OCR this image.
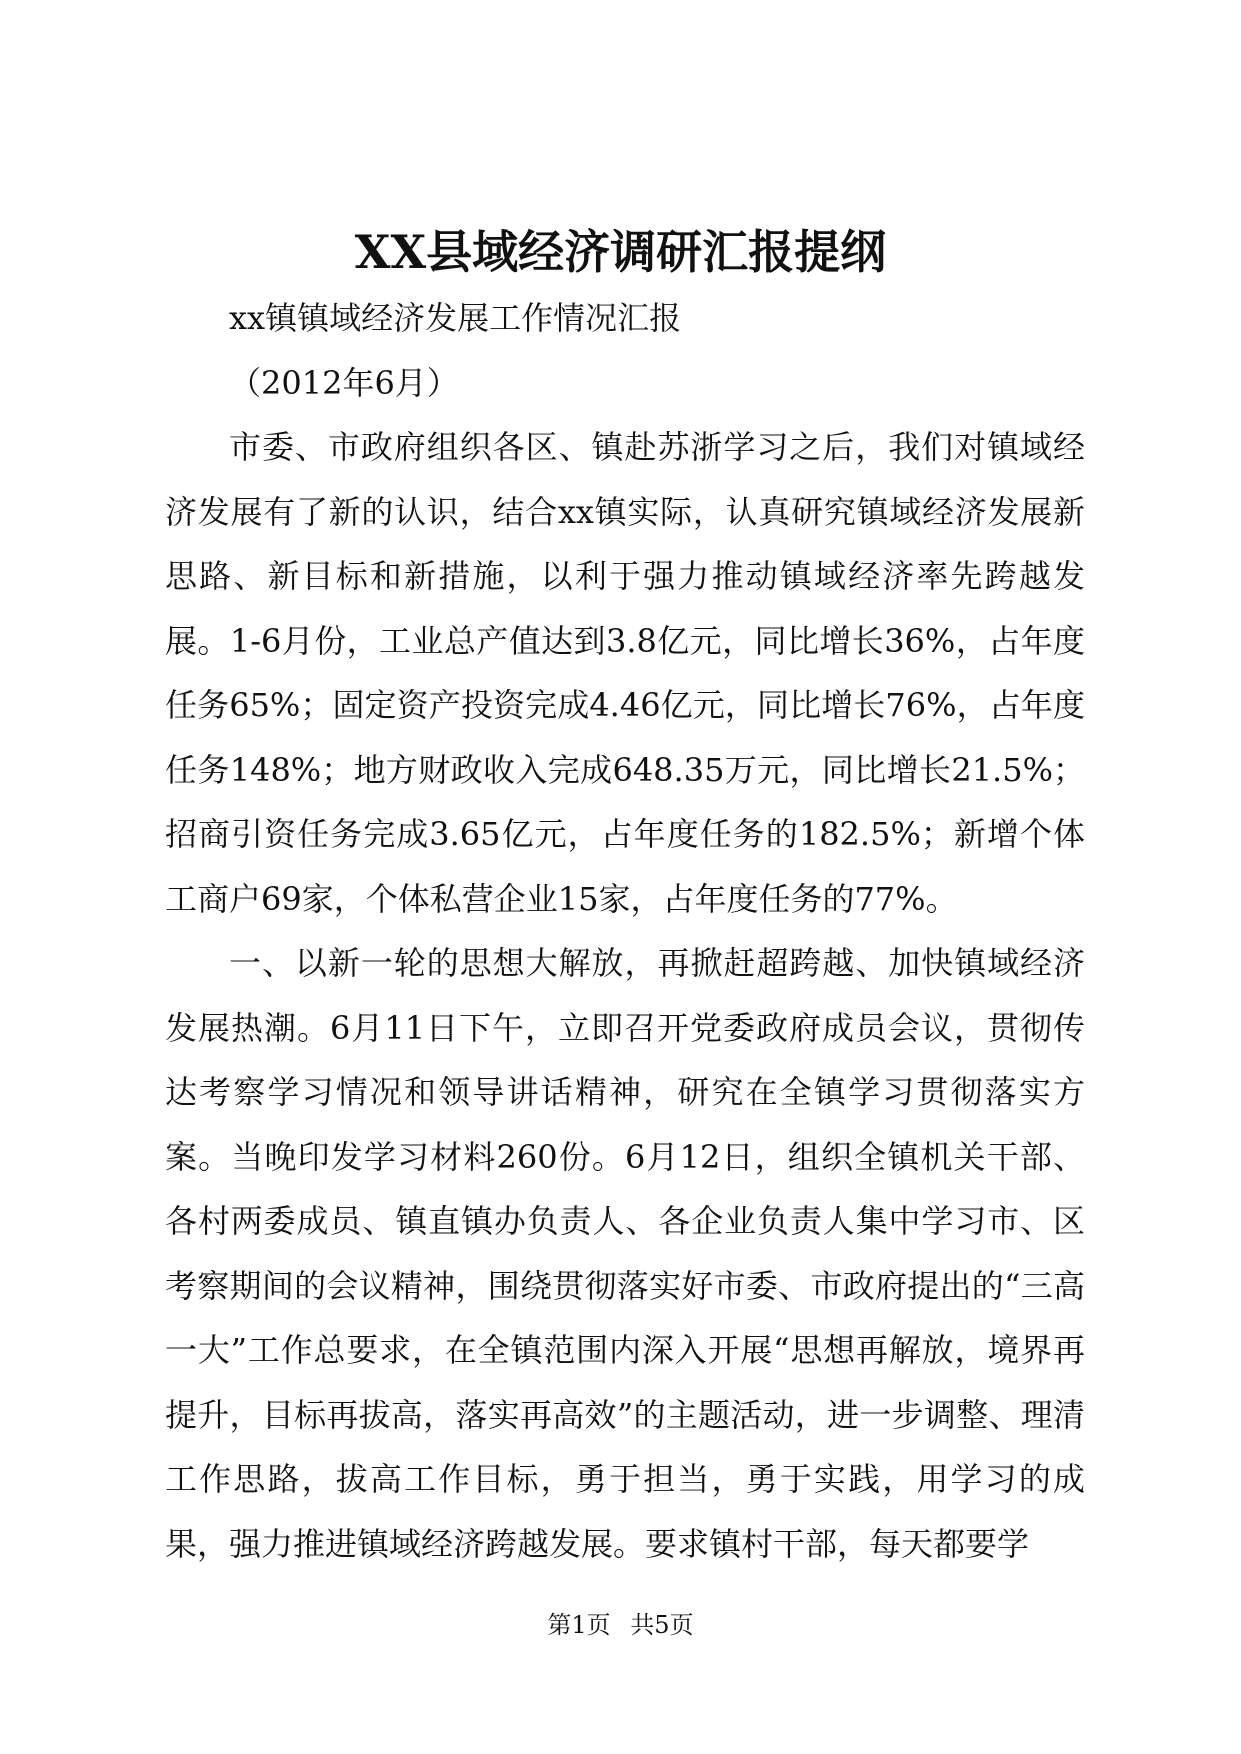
XX县域经济调研汇报提纲

xx镇镇域经济发展工作情况汇报

（2012年6月）

市委、市政府组织各区、镇赴苏浙学习之后，我们对镇域经济发展有了新的认识，结合xx镇实际，认真研究镇域经济发展新思路、新目标和新措施，以利于强力推动镇域经济率先跨越发展。1-6月份，工业总产值达到3.8亿元，同比增长36%，占年度任务65%；固定资产投资完成4.46亿元，同比增长76%，占年度任务148%；地方财政收入完成648.35万元，同比增长21.5%；招商引资任务完成3.65亿元，占年度任务的182.5%；新增个体工商户69家，个体私营企业15家，占年度任务的77%。

一、以新一轮的思想大解放，再掀赶超跨越、加快镇域经济发展热潮。6月11日下午，立即召开党委政府成员会议，贯彻传达考察学习情况和领导讲话精神，研究在全镇学习贯彻落实方案。当晚印发学习材料260份。6月12日，组织全镇机关干部、各村两委成员、镇直镇办负责人、各企业负责人集中学习市、区考察期间的会议精神，围绕贯彻落实好市委、市政府提出的“三高一大”工作总要求，在全镇范围内深入开展“思想再解放，境界再提升，目标再拔高，落实再高效”的主题活动，进一步调整、理清工作思路，拔高工作目标，勇于担当，勇于实践，用学习的成果，强力推进镇域经济跨越发展。要求镇村干部，每天都要学

第1页 共5页
